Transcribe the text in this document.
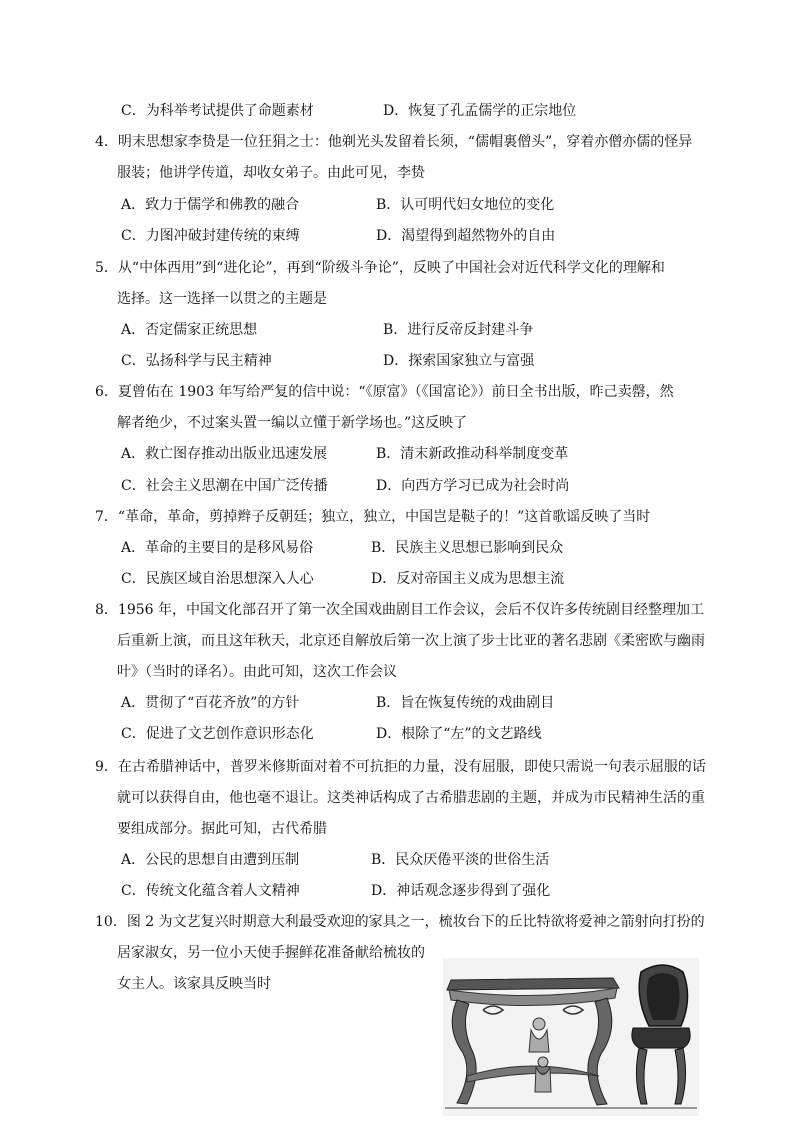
C．为科举考试提供了命题素材	D．恢复了孔孟儒学的正宗地位
4．明末思想家李贽是一位狂狷之士：他剃光头发留着长须，“儒帽裏僧头”，穿着亦僧亦儒的怪异
服装；他讲学传道，却收女弟子。由此可见，李贽
A．致力于儒学和佛教的融合	B．认可明代妇女地位的变化
C．力图冲破封建传统的束缚	D．渴望得到超然物外的自由
5．从“中体西用”到“进化论”，再到“阶级斗争论”，反映了中国社会对近代科学文化的理解和
选择。这一选择一以贯之的主题是
A．否定儒家正统思想	B．进行反帝反封建斗争
C．弘扬科学与民主精神	D．探索国家独立与富强
6．夏曾佑在 1903 年写给严复的信中说：“《原富》（《国富论》）前日全书出版，昨己卖罄，然
解者绝少，不过案头置一编以立懂于新学场也。”这反映了
A．救亡图存推动出版业迅速发展	B．清末新政推动科举制度变革
C．社会主义思潮在中国广泛传播	D．向西方学习已成为社会时尚
7．“革命，革命，剪掉辫子反朝廷；独立，独立，中国岂是鞑子的！”这首歌谣反映了当时
A．革命的主要目的是移风易俗	B．民族主义思想已影响到民众
C．民族区域自治思想深入人心	D．反对帝国主义成为思想主流
8．1956 年，中国文化部召开了第一次全国戏曲剧目工作会议，会后不仅许多传统剧目经整理加工
后重新上演，而且这年秋天，北京还自解放后第一次上演了步士比亚的著名悲剧《柔密欧与幽雨
叶》（当时的译名）。由此可知，这次工作会议
A．贯彻了“百花齐放”的方针	B．旨在恢复传统的戏曲剧目
C．促进了文艺创作意识形态化	D．根除了“左”的文艺路线
9．在古希腊神话中，普罗米修斯面对着不可抗拒的力量，没有屈服，即使只需说一句表示屈服的话
就可以获得自由，他也毫不退让。这类神话构成了古希腊悲剧的主题，并成为市民精神生活的重
要组成部分。据此可知，古代希腊
A．公民的思想自由遭到压制	B．民众厌倦平淡的世俗生活
C．传统文化蕴含着人文精神	D．神话观念逐步得到了强化
10．图 2 为文艺复兴时期意大利最受欢迎的家具之一，梳妆台下的丘比特欲将爱神之箭射向打扮的
居家淑女，另一位小天使手握鲜花准备献给梳妆的
女主人。该家具反映当时
